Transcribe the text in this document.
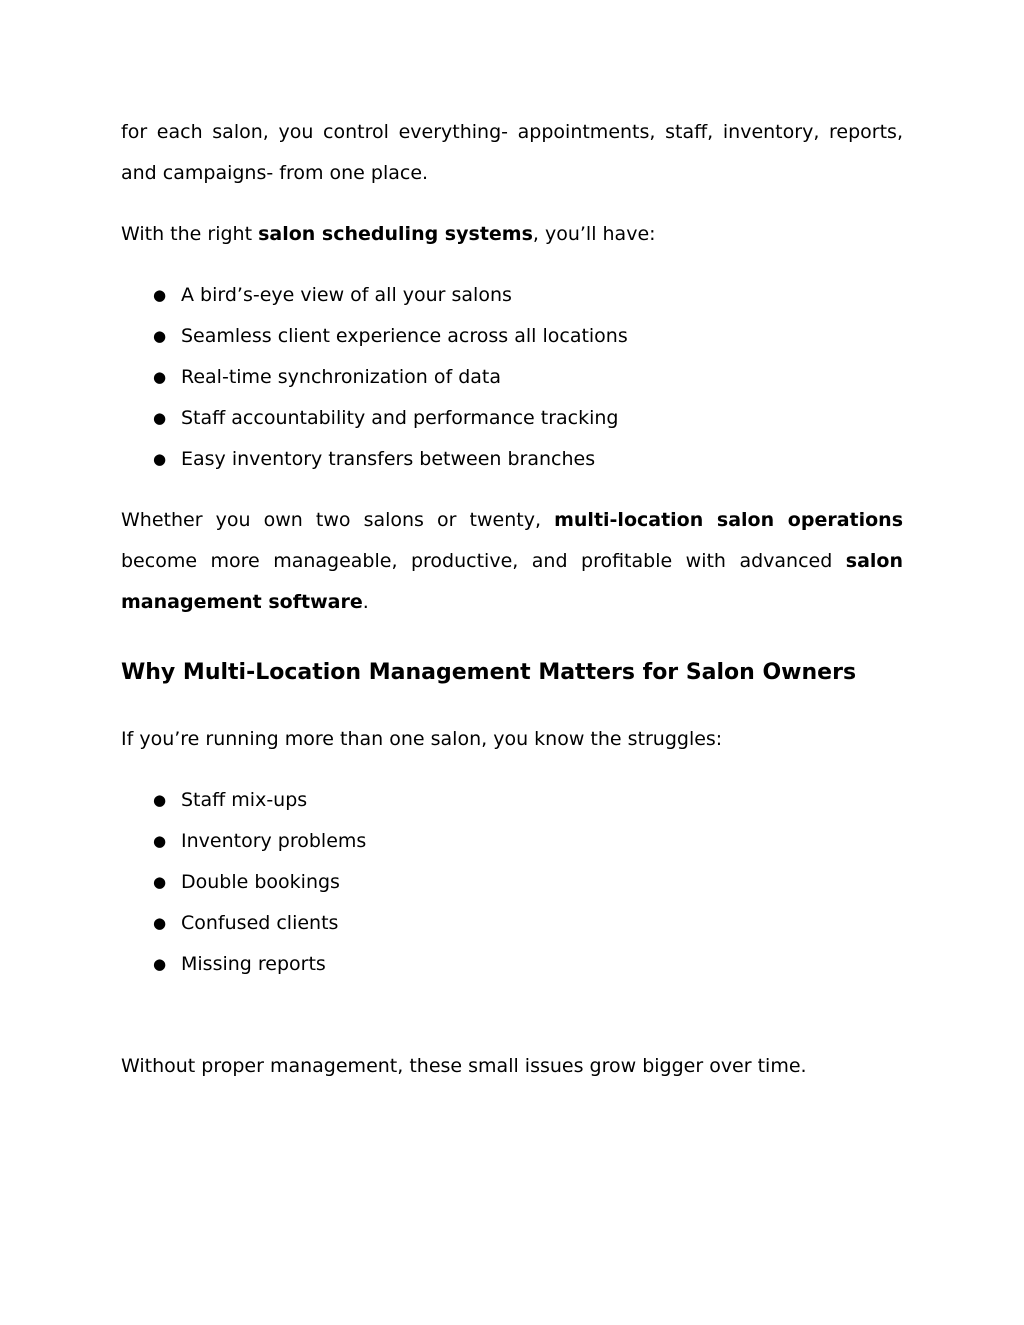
for each salon, you control everything- appointments, staff, inventory, reports, and campaigns- from one place.

With the right salon scheduling systems, you’ll have:

● A bird’s-eye view of all your salons
● Seamless client experience across all locations
● Real-time synchronization of data
● Staff accountability and performance tracking
● Easy inventory transfers between branches

Whether you own two salons or twenty, multi-location salon operations become more manageable, productive, and profitable with advanced salon management software.

Why Multi-Location Management Matters for Salon Owners

If you’re running more than one salon, you know the struggles:

● Staff mix-ups
● Inventory problems
● Double bookings
● Confused clients
● Missing reports

Without proper management, these small issues grow bigger over time.
